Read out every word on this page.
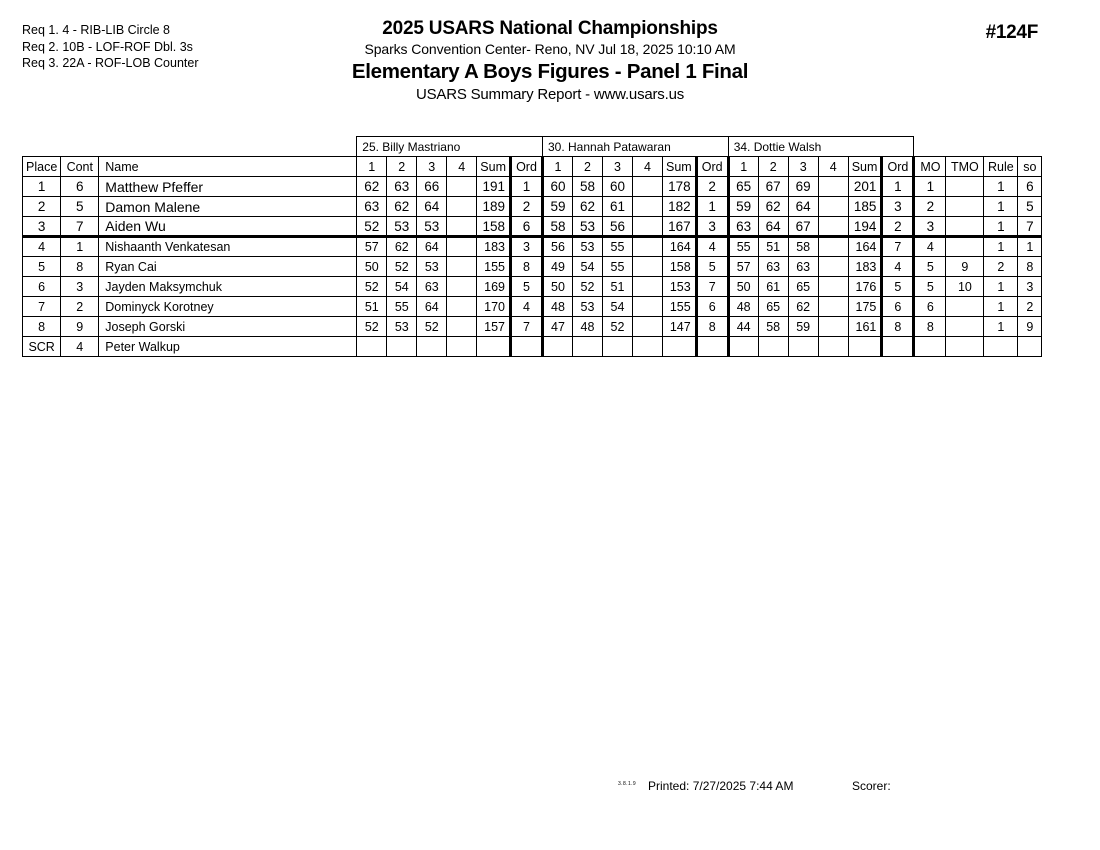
Req 1. 4 - RIB-LIB Circle 8
Req 2. 10B - LOF-ROF Dbl. 3s
Req 3. 22A - ROF-LOB Counter
2025 USARS National Championships
Sparks Convention Center- Reno, NV Jul 18, 2025 10:10 AM
Elementary A Boys Figures - Panel 1 Final
USARS Summary Report - www.usars.us
#124F
			25. Billy Mastriano						30. Hannah Patawaran						34. Dottie Walsh									
Place	Cont	Name	1	2	3	4	Sum	Ord	1	2	3	4	Sum	Ord	1	2	3	4	Sum	Ord	MO	TMO	Rule	so
1	6	Matthew Pfeffer	62	63	66		191	1	60	58	60		178	2	65	67	69		201	1	1		1	6
2	5	Damon Malene	63	62	64		189	2	59	62	61		182	1	59	62	64		185	3	2		1	5
3	7	Aiden Wu	52	53	53		158	6	58	53	56		167	3	63	64	67		194	2	3		1	7
4	1	Nishaanth Venkatesan	57	62	64		183	3	56	53	55		164	4	55	51	58		164	7	4		1	1
5	8	Ryan Cai	50	52	53		155	8	49	54	55		158	5	57	63	63		183	4	5	9	2	8
6	3	Jayden Maksymchuk	52	54	63		169	5	50	52	51		153	7	50	61	65		176	5	5	10	1	3
7	2	Dominyck Korotney	51	55	64		170	4	48	53	54		155	6	48	65	62		175	6	6		1	2
8	9	Joseph Gorski	52	53	52		157	7	47	48	52		147	8	44	58	59		161	8	8		1	9
SCR	4	Peter Walkup																						
3.8.1.9 Printed: 7/27/2025 7:44 AM	Scorer:
